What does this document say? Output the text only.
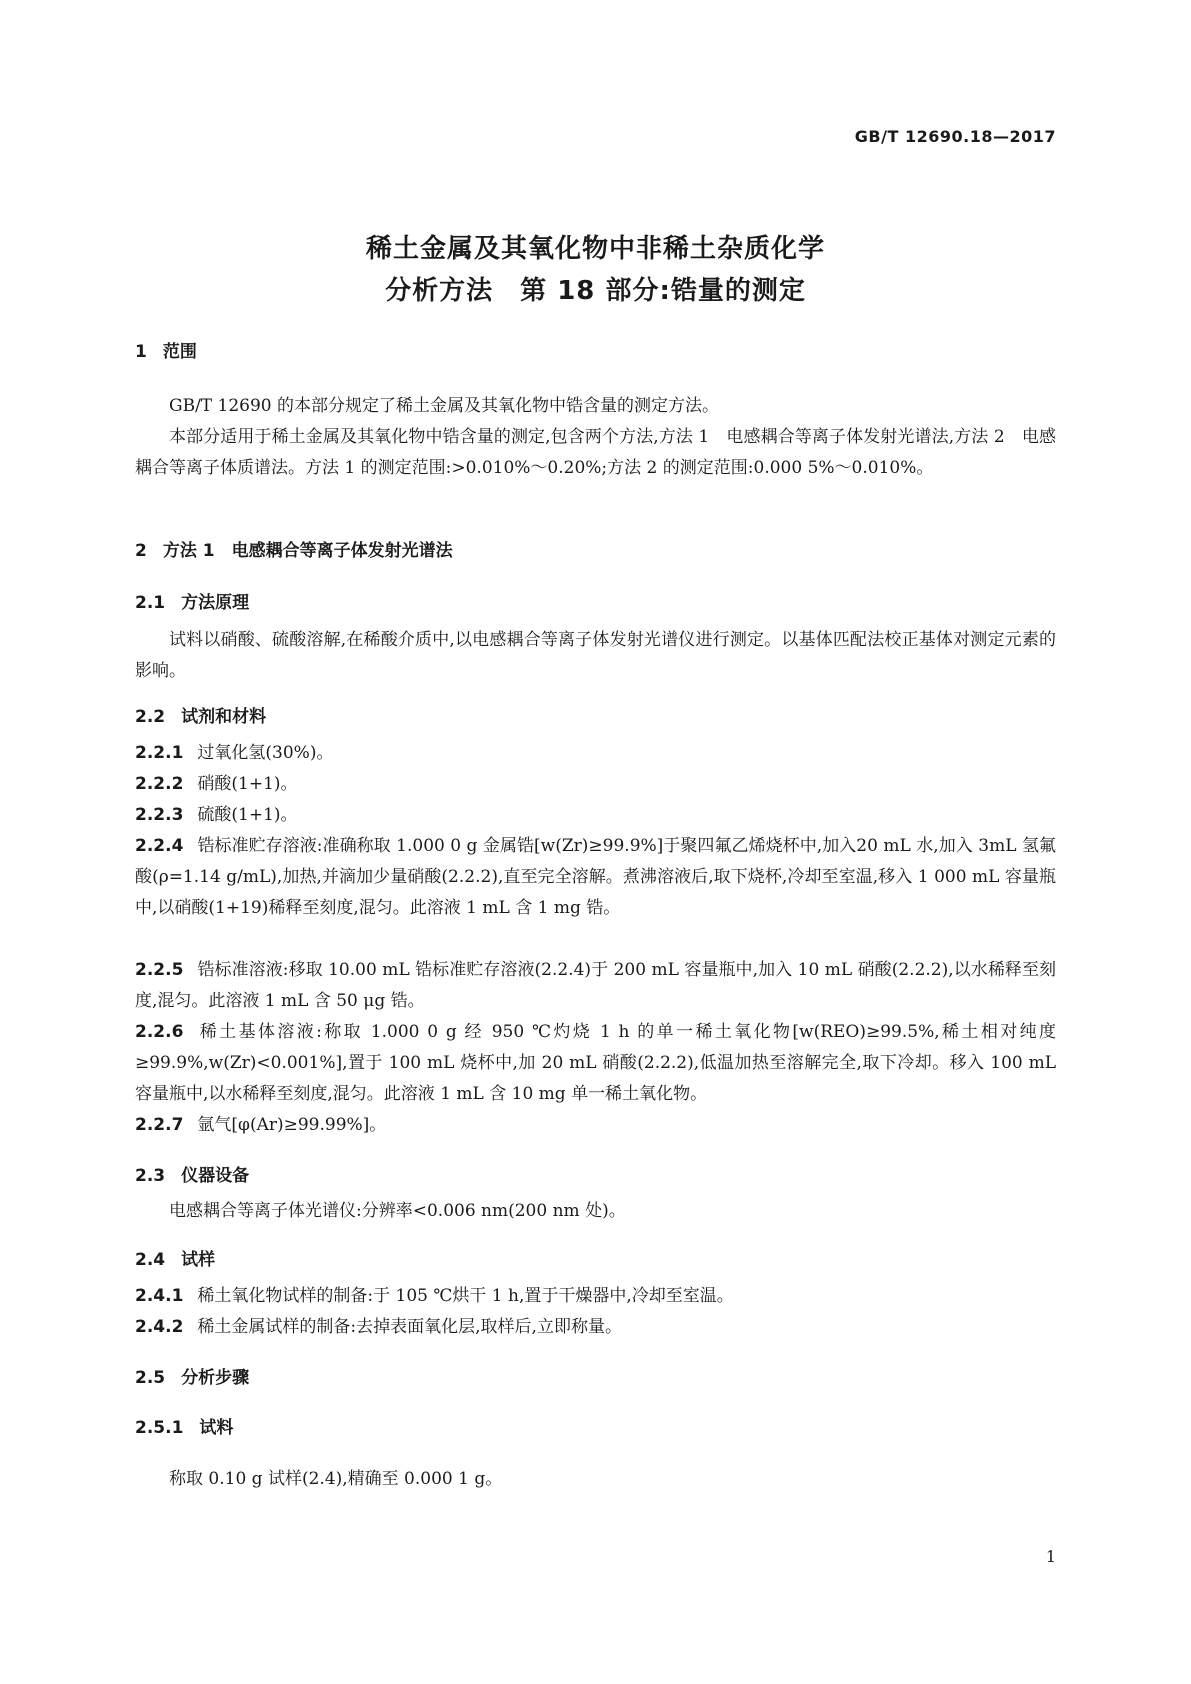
GB/T 12690.18—2017
稀土金属及其氧化物中非稀土杂质化学
分析方法　第 18 部分:锆量的测定
1 范围
GB/T 12690 的本部分规定了稀土金属及其氧化物中锆含量的测定方法。
本部分适用于稀土金属及其氧化物中锆含量的测定,包含两个方法,方法 1　电感耦合等离子体发射光谱法,方法 2　电感耦合等离子体质谱法。方法 1 的测定范围:>0.010%～0.20%;方法 2 的测定范围:0.000 5%～0.010%。
2 方法 1　电感耦合等离子体发射光谱法
2.1 方法原理
试料以硝酸、硫酸溶解,在稀酸介质中,以电感耦合等离子体发射光谱仪进行测定。以基体匹配法校正基体对测定元素的影响。
2.2 试剂和材料
2.2.1 过氧化氢(30%)。
2.2.2 硝酸(1+1)。
2.2.3 硫酸(1+1)。
2.2.4 锆标准贮存溶液:准确称取 1.000 0 g 金属锆[w(Zr)≥99.9%]于聚四氟乙烯烧杯中,加入20 mL 水,加入 3mL 氢氟酸(ρ=1.14 g/mL),加热,并滴加少量硝酸(2.2.2),直至完全溶解。煮沸溶液后,取下烧杯,冷却至室温,移入 1 000 mL 容量瓶中,以硝酸(1+19)稀释至刻度,混匀。此溶液 1 mL 含 1 mg 锆。
2.2.5 锆标准溶液:移取 10.00 mL 锆标准贮存溶液(2.2.4)于 200 mL 容量瓶中,加入 10 mL 硝酸(2.2.2),以水稀释至刻度,混匀。此溶液 1 mL 含 50 μg 锆。
2.2.6 稀土基体溶液:称取 1.000 0 g 经 950 ℃灼烧 1 h 的单一稀土氧化物[w(REO)≥99.5%,稀土相对纯度≥99.9%,w(Zr)<0.001%],置于 100 mL 烧杯中,加 20 mL 硝酸(2.2.2),低温加热至溶解完全,取下冷却。移入 100 mL 容量瓶中,以水稀释至刻度,混匀。此溶液 1 mL 含 10 mg 单一稀土氧化物。
2.2.7 氩气[φ(Ar)≥99.99%]。
2.3 仪器设备
电感耦合等离子体光谱仪:分辨率<0.006 nm(200 nm 处)。
2.4 试样
2.4.1 稀土氧化物试样的制备:于 105 ℃烘干 1 h,置于干燥器中,冷却至室温。
2.4.2 稀土金属试样的制备:去掉表面氧化层,取样后,立即称量。
2.5 分析步骤
2.5.1 试料
称取 0.10 g 试样(2.4),精确至 0.000 1 g。
1
